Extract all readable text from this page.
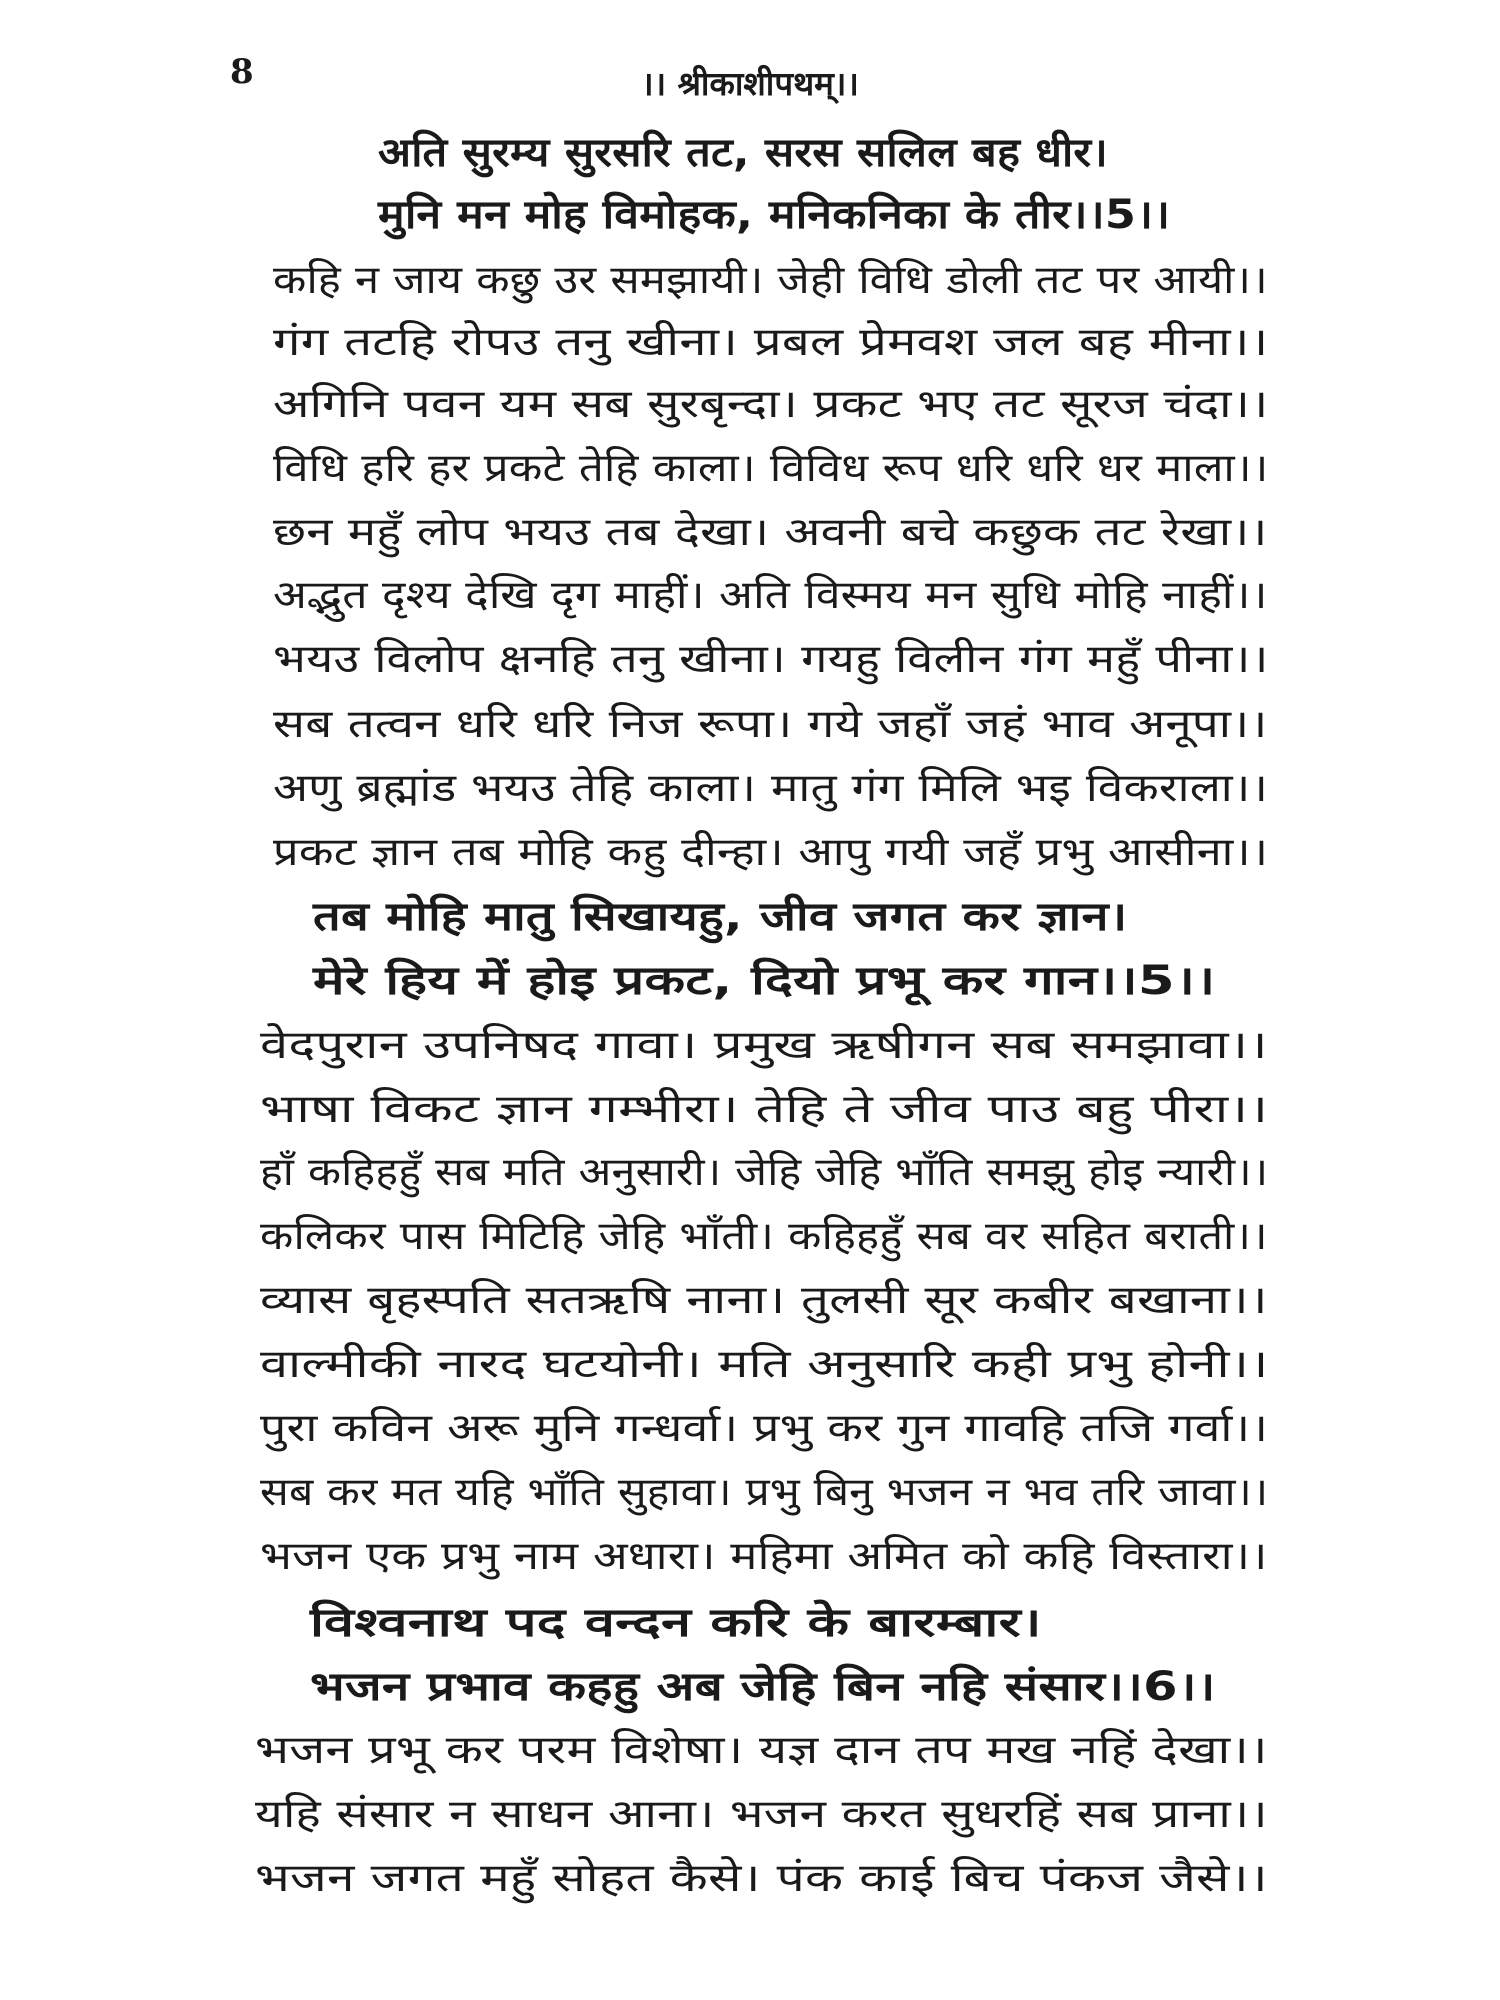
8	।। श्रीकाशीपथम्।।
अति सुरम्य सुरसरि तट, सरस सलिल बह धीर।
मुनि मन मोह विमोहक, मनिकनिका के तीर।।5।।
कहि न जाय कछु उर समझायी। जेही विधि डोली तट पर आयी।।
गंग तटहि रोपउ तनु खीना। प्रबल प्रेमवश जल बह मीना।।
अगिनि पवन यम सब सुरबृन्दा। प्रकट भए तट सूरज चंदा।।
विधि हरि हर प्रकटे तेहि काला। विविध रूप धरि धरि धर माला।।
छन महुँ लोप भयउ तब देखा। अवनी बचे कछुक तट रेखा।।
अद्भुत दृश्य देखि दृग माहीं। अति विस्मय मन सुधि मोहि नाहीं।।
भयउ विलोप क्षनहि तनु खीना। गयहु विलीन गंग महुँ पीना।।
सब तत्वन धरि धरि निज रूपा। गये जहाँ जहं भाव अनूपा।।
अणु ब्रह्मांड भयउ तेहि काला। मातु गंग मिलि भइ विकराला।।
प्रकट ज्ञान तब मोहि कहु दीन्हा। आपु गयी जहँ प्रभु आसीना।।
तब मोहि मातु सिखायहु, जीव जगत कर ज्ञान।
मेरे हिय में होइ प्रकट, दियो प्रभू कर गान।।5।।
वेदपुरान उपनिषद गावा। प्रमुख ऋषीगन सब समझावा।।
भाषा विकट ज्ञान गम्भीरा। तेहि ते जीव पाउ बहु पीरा।।
हाँ कहिहहुँ सब मति अनुसारी। जेहि जेहि भाँति समझु होइ न्यारी।।
कलिकर पास मिटिहि जेहि भाँती। कहिहहुँ सब वर सहित बराती।।
व्यास बृहस्पति सतऋषि नाना। तुलसी सूर कबीर बखाना।।
वाल्मीकी नारद घटयोनी। मति अनुसारि कही प्रभु होनी।।
पुरा कविन अरू मुनि गन्धर्वा। प्रभु कर गुन गावहि तजि गर्वा।।
सब कर मत यहि भाँति सुहावा। प्रभु बिनु भजन न भव तरि जावा।।
भजन एक प्रभु नाम अधारा। महिमा अमित को कहि विस्तारा।।
विश्वनाथ पद वन्दन करि के बारम्बार।
भजन प्रभाव कहहु अब जेहि बिन नहि संसार।।6।।
भजन प्रभू कर परम विशेषा। यज्ञ दान तप मख नहिं देखा।।
यहि संसार न साधन आना। भजन करत सुधरहिं सब प्राना।।
भजन जगत महुँ सोहत कैसे। पंक काई बिच पंकज जैसे।।
